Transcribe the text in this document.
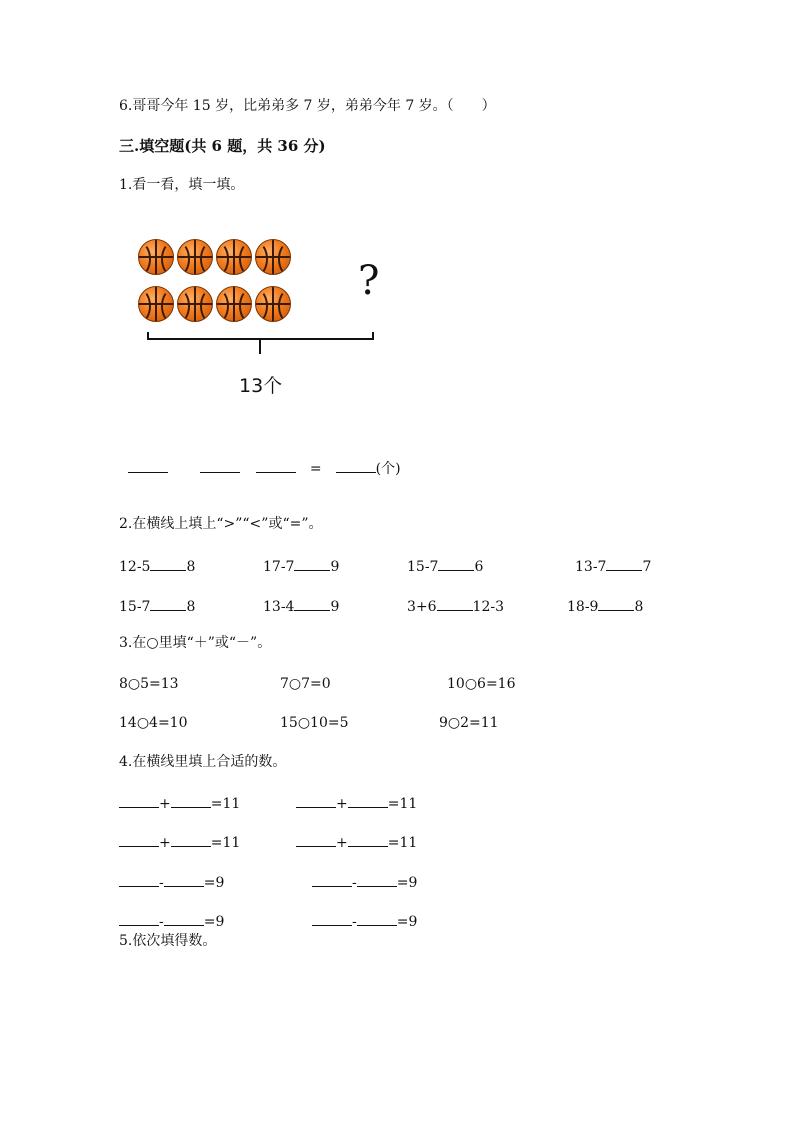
6.哥哥今年 15 岁，比弟弟多 7 岁，弟弟今年 7 岁。（　　）
三.填空题(共 6 题，共 36 分)
1.看一看，填一填。
?
13个

=	(个)

2.在横线上填上“>”“<”或“=”。
12-5	8	17-7	9	15-7	6	13-7	7
15-7	8	13-4	9	3+6	12-3	18-9	8
3.在○里填“＋”或“－”。
8○5=13	7○7=0	10○6=16
14○4=10	15○10=5	9○2=11
4.在横线里填上合适的数。
+	=11	+	=11
+	=11	+	=11
-	=9	-	=9
-	=9	-	=9
5.依次填得数。
